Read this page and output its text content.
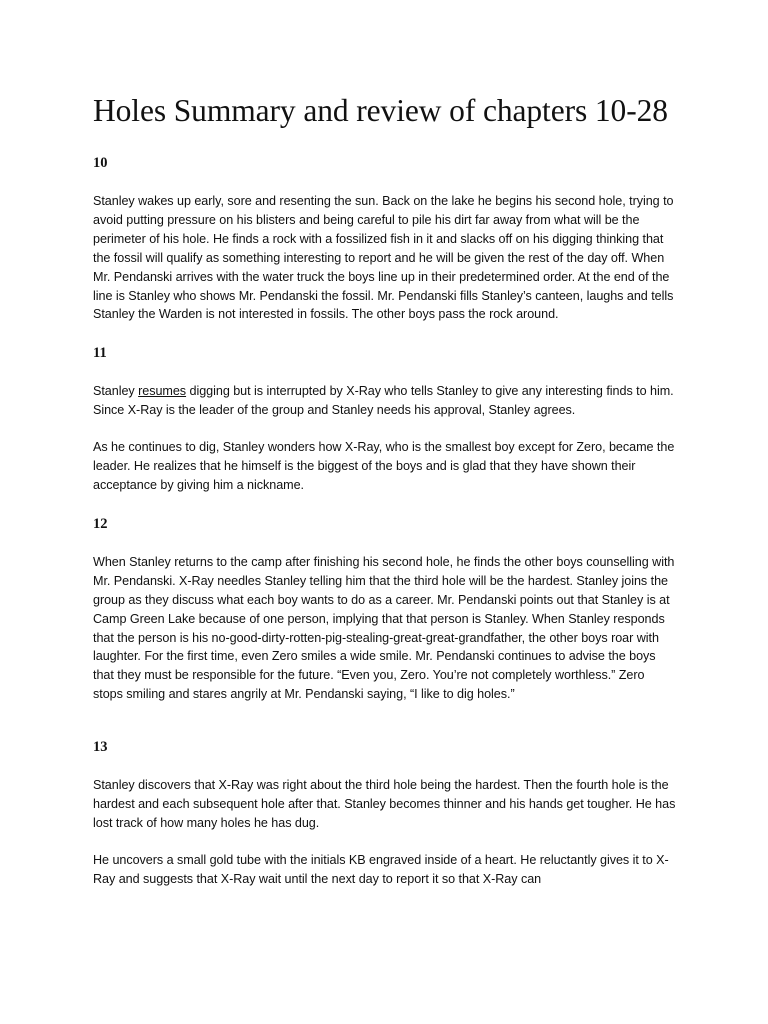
Holes Summary and review of chapters 10-28
10

Stanley wakes up early, sore and resenting the sun. Back on the lake he begins his second hole, trying to avoid putting pressure on his blisters and being careful to pile his dirt far away from what will be the perimeter of his hole. He finds a rock with a fossilized fish in it and slacks off on his digging thinking that the fossil will qualify as something interesting to report and he will be given the rest of the day off. When Mr. Pendanski arrives with the water truck the boys line up in their predetermined order. At the end of the line is Stanley who shows Mr. Pendanski the fossil. Mr. Pendanski fills Stanley’s canteen, laughs and tells Stanley the Warden is not interested in fossils. The other boys pass the rock around.

11

Stanley resumes digging but is interrupted by X-Ray who tells Stanley to give any interesting finds to him. Since X-Ray is the leader of the group and Stanley needs his approval, Stanley agrees.

As he continues to dig, Stanley wonders how X-Ray, who is the smallest boy except for Zero, became the leader. He realizes that he himself is the biggest of the boys and is glad that they have shown their acceptance by giving him a nickname.

12

When Stanley returns to the camp after finishing his second hole, he finds the other boys counselling with Mr. Pendanski. X-Ray needles Stanley telling him that the third hole will be the hardest. Stanley joins the group as they discuss what each boy wants to do as a career. Mr. Pendanski points out that Stanley is at Camp Green Lake because of one person, implying that that person is Stanley. When Stanley responds that the person is his no-good-dirty-rotten-pig-stealing-great-great-grandfather, the other boys roar with laughter. For the first time, even Zero smiles a wide smile. Mr. Pendanski continues to advise the boys that they must be responsible for the future. “Even you, Zero. You’re not completely worthless.” Zero stops smiling and stares angrily at Mr. Pendanski saying, “I like to dig holes.”

13

Stanley discovers that X-Ray was right about the third hole being the hardest. Then the fourth hole is the hardest and each subsequent hole after that. Stanley becomes thinner and his hands get tougher. He has lost track of how many holes he has dug.

He uncovers a small gold tube with the initials KB engraved inside of a heart. He reluctantly gives it to X-Ray and suggests that X-Ray wait until the next day to report it so that X-Ray can
